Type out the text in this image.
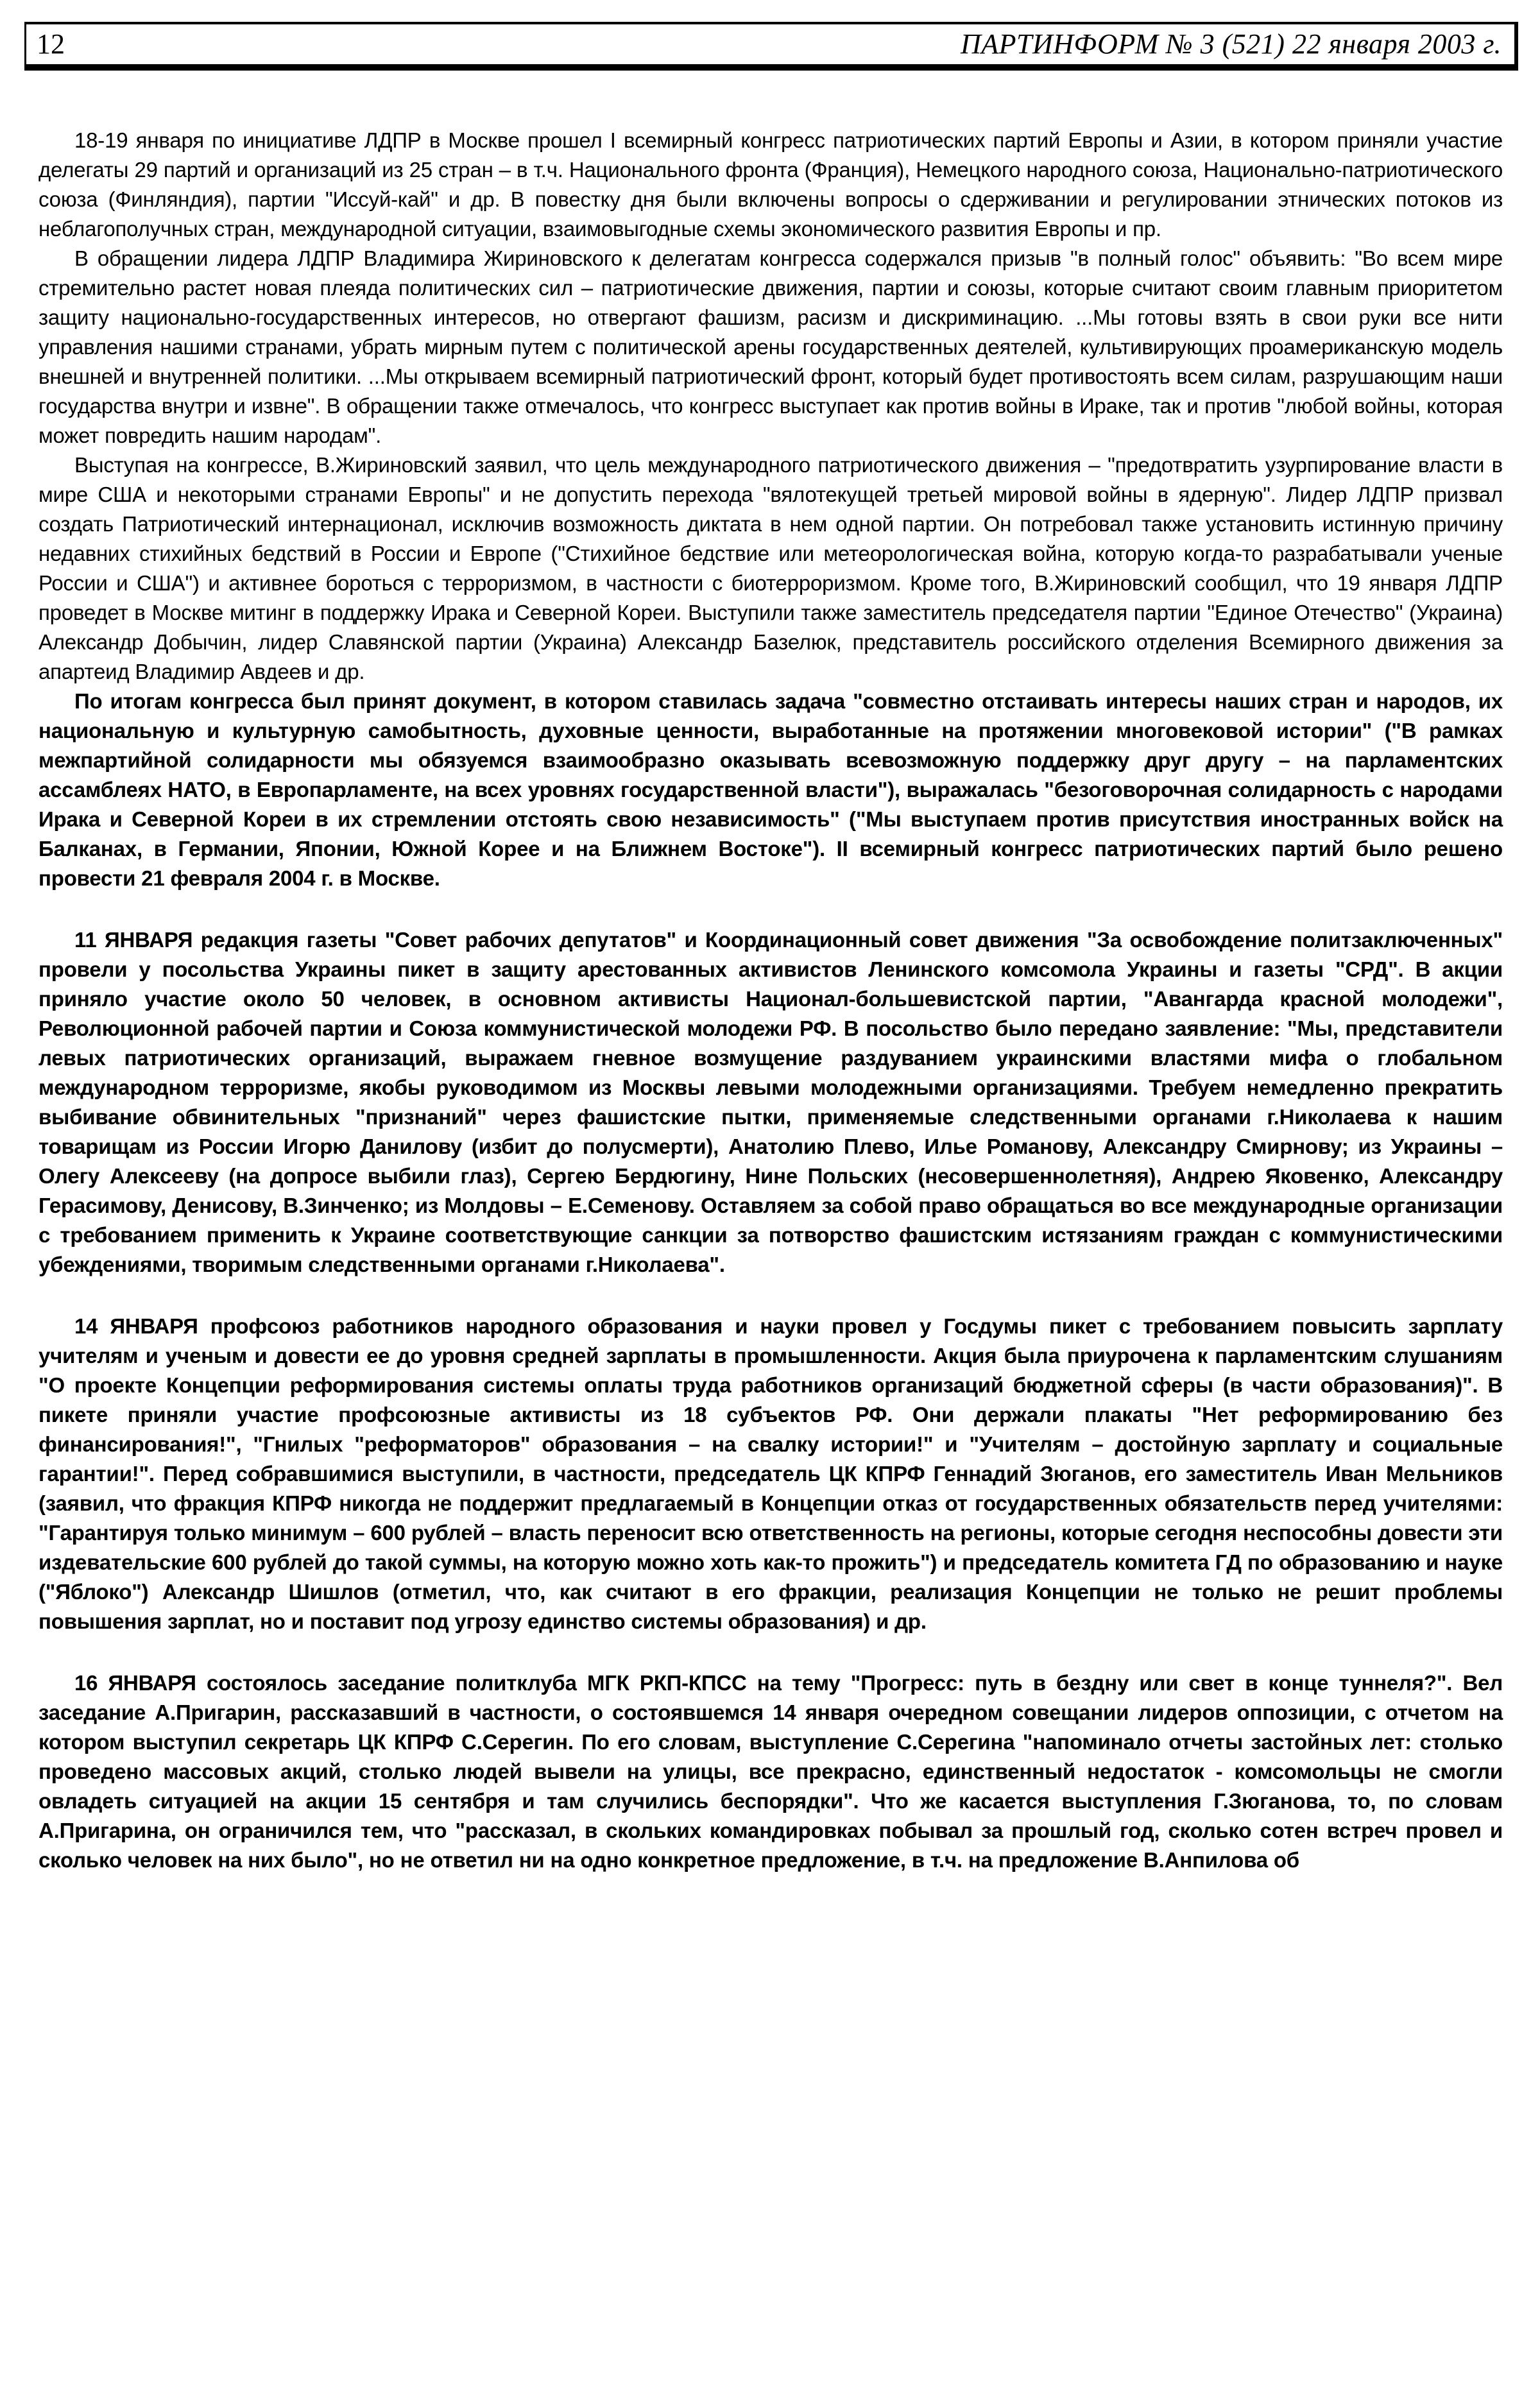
12	ПАРТИНФОРМ № 3 (521) 22 января 2003 г.

18-19 января по инициативе ЛДПР в Москве прошел I всемирный конгресс патриотических партий Европы и Азии, в котором приняли участие делегаты 29 партий и организаций из 25 стран – в т.ч. Национального фронта (Франция), Немецкого народного союза, Национально-патриотического союза (Финляндия), партии "Иссуй-кай" и др. В повестку дня были включены вопросы о сдерживании и регулировании этнических потоков из неблагополучных стран, международной ситуации, взаимовыгодные схемы экономического развития Европы и пр.

В обращении лидера ЛДПР Владимира Жириновского к делегатам конгресса содержался призыв "в полный голос" объявить: "Во всем мире стремительно растет новая плеяда политических сил – патриотические движения, партии и союзы, которые считают своим главным приоритетом защиту национально-государственных интересов, но отвергают фашизм, расизм и дискриминацию. ...Мы готовы взять в свои руки все нити управления нашими странами, убрать мирным путем с политической арены государственных деятелей, культивирующих проамериканскую модель внешней и внутренней политики. ...Мы открываем всемирный патриотический фронт, который будет противостоять всем силам, разрушающим наши государства внутри и извне". В обращении также отмечалось, что конгресс выступает как против войны в Ираке, так и против "любой войны, которая может повредить нашим народам".

Выступая на конгрессе, В.Жириновский заявил, что цель международного патриотического движения – "предотвратить узурпирование власти в мире США и некоторыми странами Европы" и не допустить перехода "вялотекущей третьей мировой войны в ядерную". Лидер ЛДПР призвал создать Патриотический интернационал, исключив возможность диктата в нем одной партии. Он потребовал также установить истинную причину недавних стихийных бедствий в России и Европе ("Стихийное бедствие или метеорологическая война, которую когда-то разрабатывали ученые России и США") и активнее бороться с терроризмом, в частности с биотерроризмом. Кроме того, В.Жириновский сообщил, что 19 января ЛДПР проведет в Москве митинг в поддержку Ирака и Северной Кореи. Выступили также заместитель председателя партии "Единое Отечество" (Украина) Александр Добычин, лидер Славянской партии (Украина) Александр Базелюк, представитель российского отделения Всемирного движения за апартеид Владимир Авдеев и др.

По итогам конгресса был принят документ, в котором ставилась задача "совместно отстаивать интересы наших стран и народов, их национальную и культурную самобытность, духовные ценности, выработанные на протяжении многовековой истории" ("В рамках межпартийной солидарности мы обязуемся взаимообразно оказывать всевозможную поддержку друг другу – на парламентских ассамблеях НАТО, в Европарламенте, на всех уровнях государственной власти"), выражалась "безоговорочная солидарность с народами Ирака и Северной Кореи в их стремлении отстоять свою независимость" ("Мы выступаем против присутствия иностранных войск на Балканах, в Германии, Японии, Южной Корее и на Ближнем Востоке"). II всемирный конгресс патриотических партий было решено провести 21 февраля 2004 г. в Москве.

11 ЯНВАРЯ редакция газеты "Совет рабочих депутатов" и Координационный совет движения "За освобождение политзаключенных" провели у посольства Украины пикет в защиту арестованных активистов Ленинского комсомола Украины и газеты "СРД". В акции приняло участие около 50 человек, в основном активисты Национал-большевистской партии, "Авангарда красной молодежи", Революционной рабочей партии и Союза коммунистической молодежи РФ. В посольство было передано заявление: "Мы, представители левых патриотических организаций, выражаем гневное возмущение раздуванием украинскими властями мифа о глобальном международном терроризме, якобы руководимом из Москвы левыми молодежными организациями. Требуем немедленно прекратить выбивание обвинительных "признаний" через фашистские пытки, применяемые следственными органами г.Николаева к нашим товарищам из России Игорю Данилову (избит до полусмерти), Анатолию Плево, Илье Романову, Александру Смирнову; из Украины – Олегу Алексееву (на допросе выбили глаз), Сергею Бердюгину, Нине Польских (несовершеннолетняя), Андрею Яковенко, Александру Герасимову, Денисову, В.Зинченко; из Молдовы – Е.Семенову. Оставляем за собой право обращаться во все международные организации с требованием применить к Украине соответствующие санкции за потворство фашистским истязаниям граждан с коммунистическими убеждениями, творимым следственными органами г.Николаева".

14 ЯНВАРЯ профсоюз работников народного образования и науки провел у Госдумы пикет с требованием повысить зарплату учителям и ученым и довести ее до уровня средней зарплаты в промышленности. Акция была приурочена к парламентским слушаниям "О проекте Концепции реформирования системы оплаты труда работников организаций бюджетной сферы (в части образования)". В пикете приняли участие профсоюзные активисты из 18 субъектов РФ. Они держали плакаты "Нет реформированию без финансирования!", "Гнилых "реформаторов" образования – на свалку истории!" и "Учителям – достойную зарплату и социальные гарантии!". Перед собравшимися выступили, в частности, председатель ЦК КПРФ Геннадий Зюганов, его заместитель Иван Мельников (заявил, что фракция КПРФ никогда не поддержит предлагаемый в Концепции отказ от государственных обязательств перед учителями: "Гарантируя только минимум – 600 рублей – власть переносит всю ответственность на регионы, которые сегодня неспособны довести эти издевательские 600 рублей до такой суммы, на которую можно хоть как-то прожить") и председатель комитета ГД по образованию и науке ("Яблоко") Александр Шишлов (отметил, что, как считают в его фракции, реализация Концепции не только не решит проблемы повышения зарплат, но и поставит под угрозу единство системы образования) и др.

16 ЯНВАРЯ состоялось заседание политклуба МГК РКП-КПСС на тему "Прогресс: путь в бездну или свет в конце туннеля?". Вел заседание А.Пригарин, рассказавший в частности, о состоявшемся 14 января очередном совещании лидеров оппозиции, с отчетом на котором выступил секретарь ЦК КПРФ С.Серегин. По его словам, выступление С.Серегина "напоминало отчеты застойных лет: столько проведено массовых акций, столько людей вывели на улицы, все прекрасно, единственный недостаток - комсомольцы не смогли овладеть ситуацией на акции 15 сентября и там случились беспорядки". Что же касается выступления Г.Зюганова, то, по словам А.Пригарина, он ограничился тем, что "рассказал, в скольких командировках побывал за прошлый год, сколько сотен встреч провел и сколько человек на них было", но не ответил ни на одно конкретное предложение, в т.ч. на предложение В.Анпилова об
